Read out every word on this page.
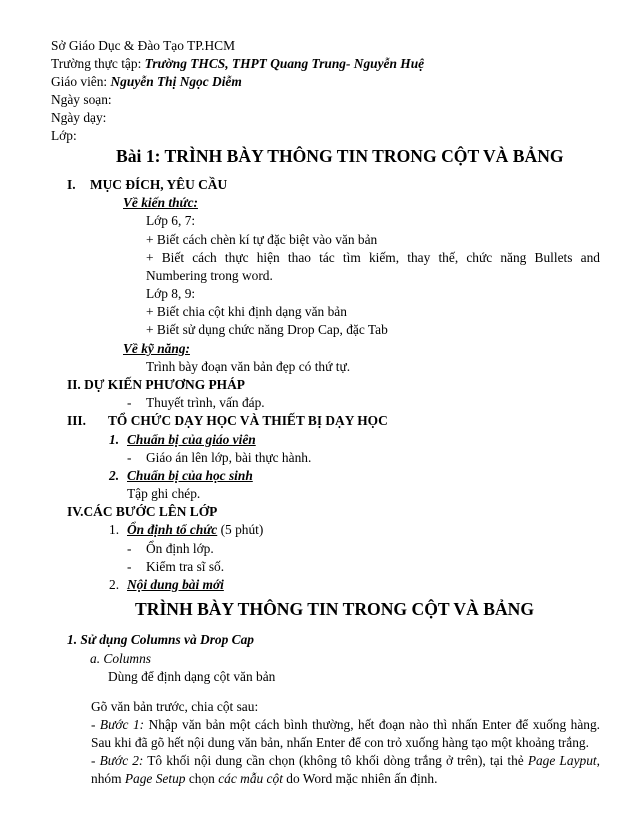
Sở Giáo Dục & Đào Tạo TP.HCM
Trường thực tập: Trường THCS, THPT Quang Trung- Nguyễn Huệ
Giáo viên: Nguyễn Thị Ngọc Diễm
Ngày soạn:
Ngày dạy:
Lớp:
Bài 1: TRÌNH BÀY THÔNG TIN TRONG CỘT VÀ BẢNG
I. MỤC ĐÍCH, YÊU CẦU
Về kiến thức:
Lớp 6, 7:
+ Biết cách chèn kí tự đặc biệt vào văn bản
+ Biết cách thực hiện thao tác tìm kiếm, thay thế, chức năng Bullets and
Numbering trong word.
Lớp 8, 9:
+ Biết chia cột khi định dạng văn bản
+ Biết sử dụng chức năng Drop Cap, đặc Tab
Về kỹ năng:
Trình bày đoạn văn bản đẹp có thứ tự.
II. DỰ KIẾN PHƯƠNG PHÁP
- Thuyết trình, vấn đáp.
III. TỔ CHỨC DẠY HỌC VÀ THIẾT BỊ DẠY HỌC
1. Chuẩn bị của giáo viên
- Giáo án lên lớp, bài thực hành.
2. Chuẩn bị của học sinh
Tập ghi chép.
IV.CÁC BƯỚC LÊN LỚP
1. Ổn định tổ chức (5 phút)
- Ổn định lớp.
- Kiểm tra sĩ số.
2. Nội dung bài mới
TRÌNH BÀY THÔNG TIN TRONG CỘT VÀ BẢNG
1. Sử dụng Columns và Drop Cap
a. Columns
Dùng để định dạng cột văn bản
Gõ văn bản trước, chia cột sau:
- Bước 1: Nhập văn bản một cách bình thường, hết đoạn nào thì nhấn Enter để xuống hàng.
Sau khi đã gõ hết nội dung văn bản, nhấn Enter để con trỏ xuống hàng tạo một khoảng trắng.
- Bước 2: Tô khối nội dung cần chọn (không tô khối dòng trắng ở trên), tại thẻ Page Layput,
nhóm Page Setup chọn các mẫu cột do Word mặc nhiên ấn định.
